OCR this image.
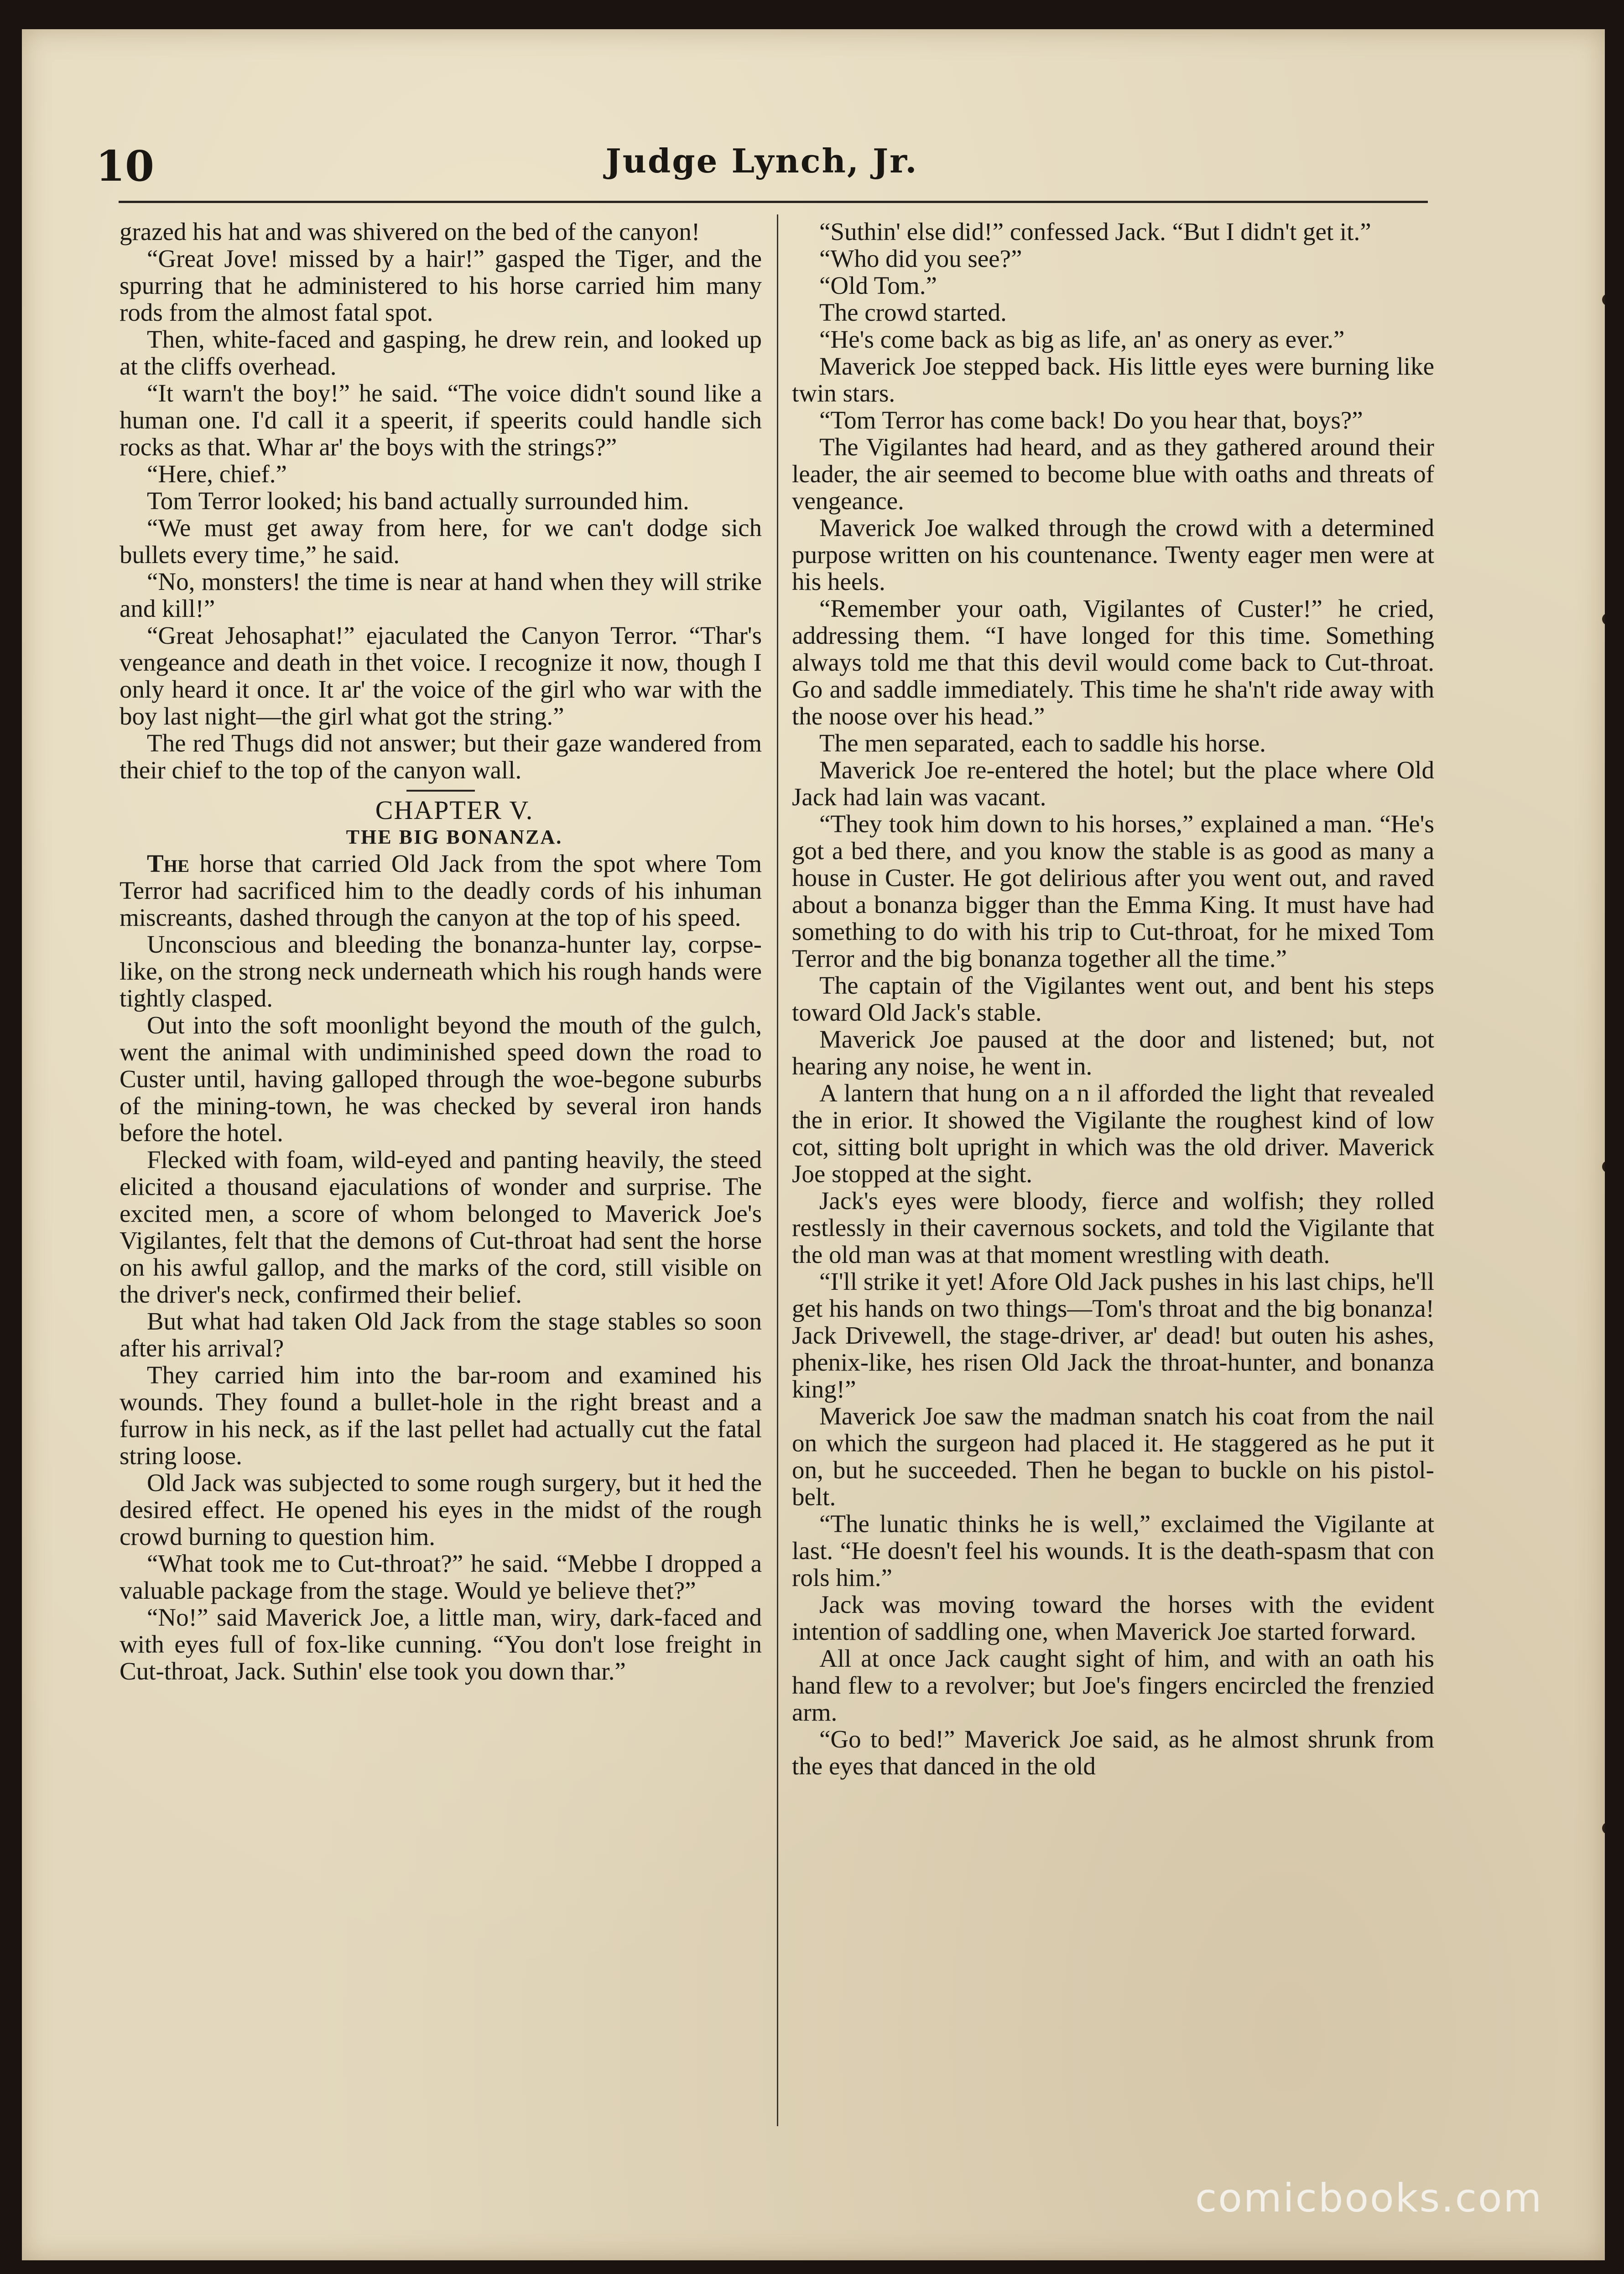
10	Judge Lynch, Jr.

grazed his hat and was shivered on the bed of the canyon!

“Great Jove! missed by a hair!” gasped the Tiger, and the spurring that he administered to his horse carried him many rods from the almost fatal spot.

Then, white-faced and gasping, he drew rein, and looked up at the cliffs overhead.

“It warn't the boy!” he said. “The voice didn't sound like a human one. I'd call it a speerit, if speerits could handle sich rocks as that. Whar ar' the boys with the strings?”

“Here, chief.”

Tom Terror looked; his band actually surrounded him.

“We must get away from here, for we can't dodge sich bullets every time,” he said.

“No, monsters! the time is near at hand when they will strike and kill!”

“Great Jehosaphat!” ejaculated the Canyon Terror. “Thar's vengeance and death in thet voice. I recognize it now, though I only heard it once. It ar' the voice of the girl who war with the boy last night—the girl what got the string.”

The red Thugs did not answer; but their gaze wandered from their chief to the top of the canyon wall.

CHAPTER V.

THE BIG BONANZA.

The horse that carried Old Jack from the spot where Tom Terror had sacrificed him to the deadly cords of his inhuman miscreants, dashed through the canyon at the top of his speed.

Unconscious and bleeding the bonanza-hunter lay, corpse-like, on the strong neck underneath which his rough hands were tightly clasped.

Out into the soft moonlight beyond the mouth of the gulch, went the animal with undiminished speed down the road to Custer until, having galloped through the woe-begone suburbs of the mining-town, he was checked by several iron hands before the hotel.

Flecked with foam, wild-eyed and panting heavily, the steed elicited a thousand ejaculations of wonder and surprise. The excited men, a score of whom belonged to Maverick Joe's Vigilantes, felt that the demons of Cut-throat had sent the horse on his awful gallop, and the marks of the cord, still visible on the driver's neck, confirmed their belief.

But what had taken Old Jack from the stage stables so soon after his arrival?

They carried him into the bar-room and examined his wounds. They found a bullet-hole in the right breast and a furrow in his neck, as if the last pellet had actually cut the fatal string loose.

Old Jack was subjected to some rough surgery, but it hed the desired effect. He opened his eyes in the midst of the rough crowd burning to question him.

“What took me to Cut-throat?” he said. “Mebbe I dropped a valuable package from the stage. Would ye believe thet?”

“No!” said Maverick Joe, a little man, wiry, dark-faced and with eyes full of fox-like cunning. “You don't lose freight in Cut-throat, Jack. Suthin' else took you down thar.”

“Suthin' else did!” confessed Jack. “But I didn't get it.”

“Who did you see?”

“Old Tom.”

The crowd started.

“He's come back as big as life, an' as onery as ever.”

Maverick Joe stepped back. His little eyes were burning like twin stars.

“Tom Terror has come back! Do you hear that, boys?”

The Vigilantes had heard, and as they gathered around their leader, the air seemed to become blue with oaths and threats of vengeance.

Maverick Joe walked through the crowd with a determined purpose written on his countenance. Twenty eager men were at his heels.

“Remember your oath, Vigilantes of Custer!” he cried, addressing them. “I have longed for this time. Something always told me that this devil would come back to Cut-throat. Go and saddle immediately. This time he sha'n't ride away with the noose over his head.”

The men separated, each to saddle his horse.

Maverick Joe re-entered the hotel; but the place where Old Jack had lain was vacant.

“They took him down to his horses,” explained a man. “He's got a bed there, and you know the stable is as good as many a house in Custer. He got delirious after you went out, and raved about a bonanza bigger than the Emma King. It must have had something to do with his trip to Cut-throat, for he mixed Tom Terror and the big bonanza together all the time.”

The captain of the Vigilantes went out, and bent his steps toward Old Jack's stable.

Maverick Joe paused at the door and listened; but, not hearing any noise, he went in.

A lantern that hung on a n il afforded the light that revealed the in erior. It showed the Vigilante the roughest kind of low cot, sitting bolt upright in which was the old driver. Maverick Joe stopped at the sight.

Jack's eyes were bloody, fierce and wolfish; they rolled restlessly in their cavernous sockets, and told the Vigilante that the old man was at that moment wrestling with death.

“I'll strike it yet! Afore Old Jack pushes in his last chips, he'll get his hands on two things—Tom's throat and the big bonanza! Jack Drivewell, the stage-driver, ar' dead! but outen his ashes, phenix-like, hes risen Old Jack the throat-hunter, and bonanza king!”

Maverick Joe saw the madman snatch his coat from the nail on which the surgeon had placed it. He staggered as he put it on, but he succeeded. Then he began to buckle on his pistol-belt.

“The lunatic thinks he is well,” exclaimed the Vigilante at last. “He doesn't feel his wounds. It is the death-spasm that con rols him.”

Jack was moving toward the horses with the evident intention of saddling one, when Maverick Joe started forward.

All at once Jack caught sight of him, and with an oath his hand flew to a revolver; but Joe's fingers encircled the frenzied arm.

“Go to bed!” Maverick Joe said, as he almost shrunk from the eyes that danced in the old

comicbooks.com
